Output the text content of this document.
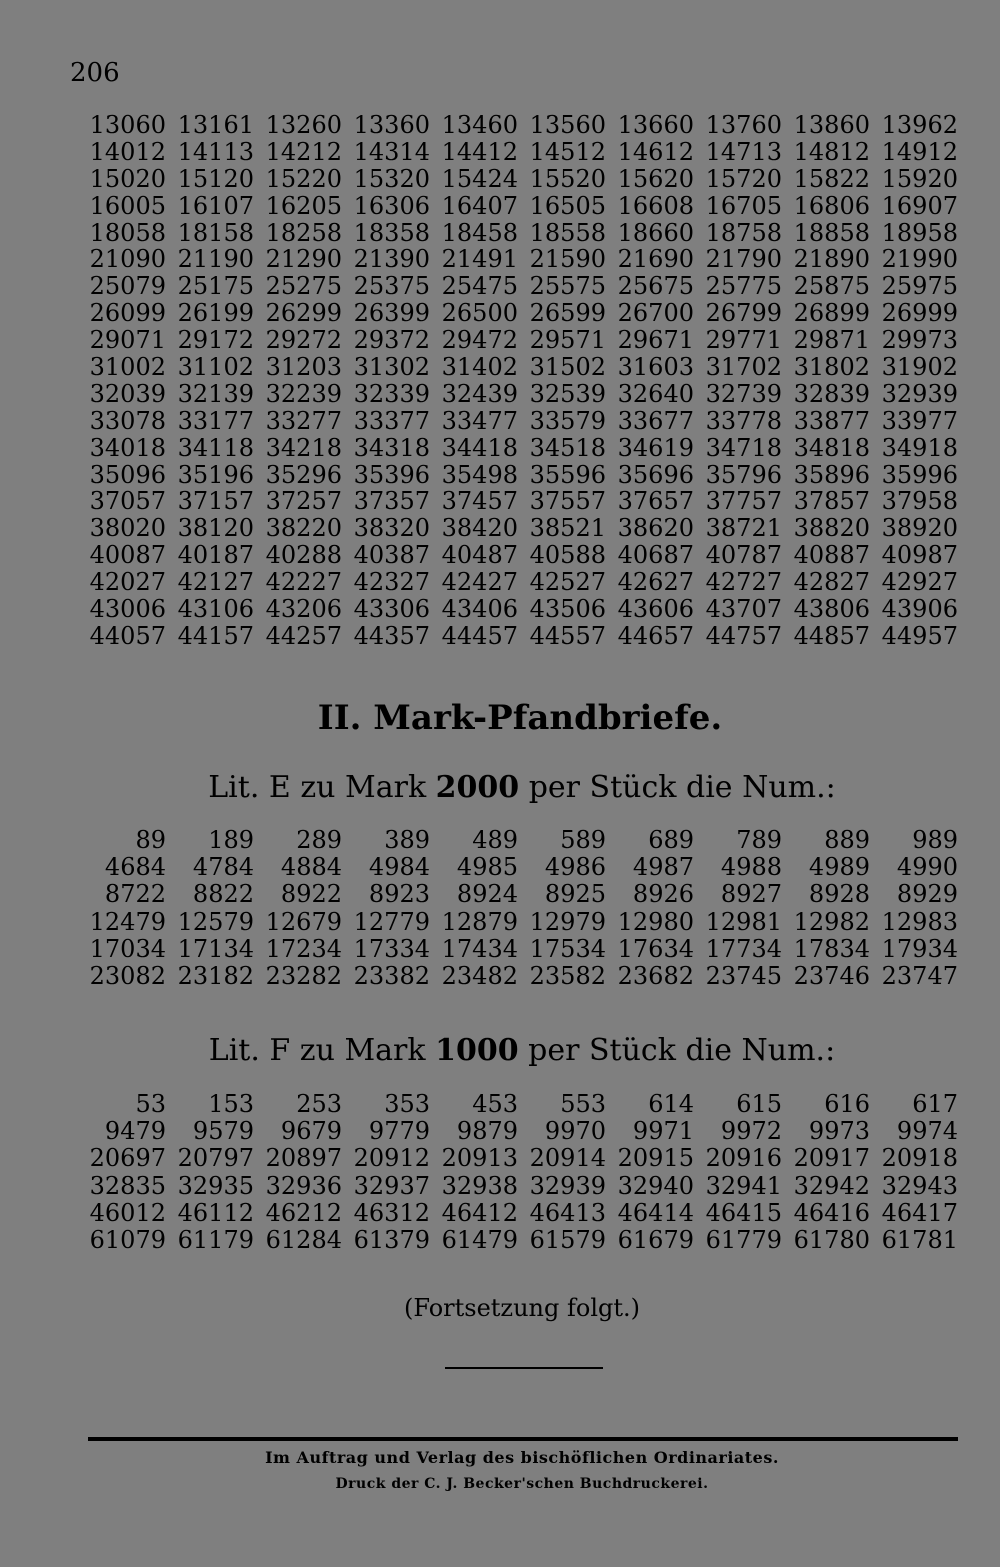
206
13060 13161 13260 13360 13460 13560 13660 13760 13860 13962
14012 14113 14212 14314 14412 14512 14612 14713 14812 14912
15020 15120 15220 15320 15424 15520 15620 15720 15822 15920
16005 16107 16205 16306 16407 16505 16608 16705 16806 16907
18058 18158 18258 18358 18458 18558 18660 18758 18858 18958
21090 21190 21290 21390 21491 21590 21690 21790 21890 21990
25079 25175 25275 25375 25475 25575 25675 25775 25875 25975
26099 26199 26299 26399 26500 26599 26700 26799 26899 26999
29071 29172 29272 29372 29472 29571 29671 29771 29871 29973
31002 31102 31203 31302 31402 31502 31603 31702 31802 31902
32039 32139 32239 32339 32439 32539 32640 32739 32839 32939
33078 33177 33277 33377 33477 33579 33677 33778 33877 33977
34018 34118 34218 34318 34418 34518 34619 34718 34818 34918
35096 35196 35296 35396 35498 35596 35696 35796 35896 35996
37057 37157 37257 37357 37457 37557 37657 37757 37857 37958
38020 38120 38220 38320 38420 38521 38620 38721 38820 38920
40087 40187 40288 40387 40487 40588 40687 40787 40887 40987
42027 42127 42227 42327 42427 42527 42627 42727 42827 42927
43006 43106 43206 43306 43406 43506 43606 43707 43806 43906
44057 44157 44257 44357 44457 44557 44657 44757 44857 44957
II. Mark-Pfandbriefe.
Lit. E zu Mark 2000 per Stück die Num.:
89	189	289	389	489	589	689	789	889	989
4684	4784	4884	4984	4985	4986	4987	4988	4989	4990
8722	8822	8922	8923	8924	8925	8926	8927	8928	8929
12479 12579 12679 12779 12879 12979 12980 12981 12982 12983
17034 17134 17234 17334 17434 17534 17634 17734 17834 17934
23082 23182 23282 23382 23482 23582 23682 23745 23746 23747
Lit. F zu Mark 1000 per Stück die Num.:
53	153	253	353	453	553	614	615	616	617
9479	9579	9679	9779	9879	9970	9971	9972	9973	9974
20697 20797 20897 20912 20913 20914 20915 20916 20917 20918
32835 32935 32936 32937 32938 32939 32940 32941 32942 32943
46012 46112 46212 46312 46412 46413 46414 46415 46416 46417
61079 61179 61284 61379 61479 61579 61679 61779 61780 61781
(Fortsetzung folgt.)
Im Auftrag und Verlag des bischöflichen Ordinariates.
Druck der C. J. Becker'schen Buchdruckerei.
